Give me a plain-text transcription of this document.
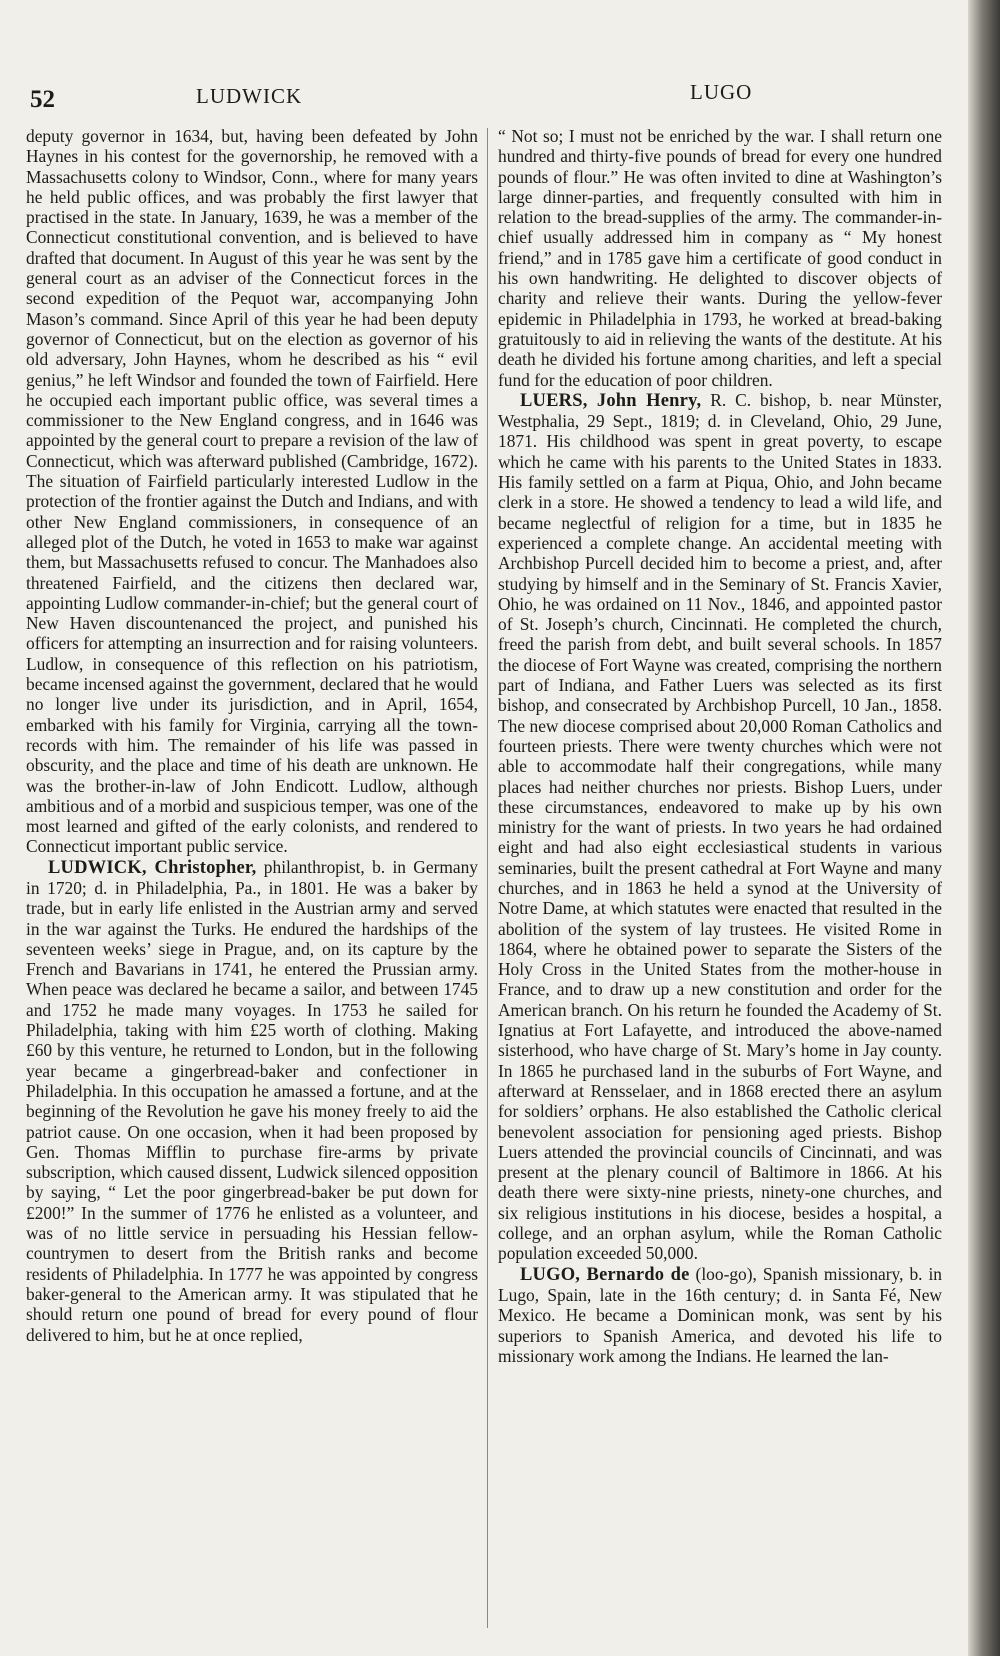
52	LUDWICK	LUGO

deputy governor in 1634, but, having been defeated by John Haynes in his contest for the governorship, he removed with a Massachusetts colony to Windsor, Conn., where for many years he held public offices, and was probably the first lawyer that practised in the state. In January, 1639, he was a member of the Connecticut constitutional convention, and is believed to have drafted that document. In August of this year he was sent by the general court as an adviser of the Connecticut forces in the second expedition of the Pequot war, accompanying John Mason’s command. Since April of this year he had been deputy governor of Connecticut, but on the election as governor of his old adversary, John Haynes, whom he described as his “ evil genius,” he left Windsor and founded the town of Fairfield. Here he occupied each important public office, was several times a commissioner to the New England congress, and in 1646 was appointed by the general court to prepare a revision of the law of Connecticut, which was afterward published (Cambridge, 1672). The situation of Fairfield particularly interested Ludlow in the protection of the frontier against the Dutch and Indians, and with other New England commissioners, in consequence of an alleged plot of the Dutch, he voted in 1653 to make war against them, but Massachusetts refused to concur. The Manhadoes also threatened Fairfield, and the citizens then declared war, appointing Ludlow commander-in-chief; but the general court of New Haven discountenanced the project, and punished his officers for attempting an insurrection and for raising volunteers. Ludlow, in consequence of this reflection on his patriotism, became incensed against the government, declared that he would no longer live under its jurisdiction, and in April, 1654, embarked with his family for Virginia, carrying all the town-records with him. The remainder of his life was passed in obscurity, and the place and time of his death are unknown. He was the brother-in-law of John Endicott. Ludlow, although ambitious and of a morbid and suspicious temper, was one of the most learned and gifted of the early colonists, and rendered to Connecticut important public service.

LUDWICK, Christopher, philanthropist, b. in Germany in 1720; d. in Philadelphia, Pa., in 1801. He was a baker by trade, but in early life enlisted in the Austrian army and served in the war against the Turks. He endured the hardships of the seventeen weeks’ siege in Prague, and, on its capture by the French and Bavarians in 1741, he entered the Prussian army. When peace was declared he became a sailor, and between 1745 and 1752 he made many voyages. In 1753 he sailed for Philadelphia, taking with him £25 worth of clothing. Making £60 by this venture, he returned to London, but in the following year became a gingerbread-baker and confectioner in Philadelphia. In this occupation he amassed a fortune, and at the beginning of the Revolution he gave his money freely to aid the patriot cause. On one occasion, when it had been proposed by Gen. Thomas Mifflin to purchase fire-arms by private subscription, which caused dissent, Ludwick silenced opposition by saying, “ Let the poor gingerbread-baker be put down for £200!” In the summer of 1776 he enlisted as a volunteer, and was of no little service in persuading his Hessian fellow-countrymen to desert from the British ranks and become residents of Philadelphia. In 1777 he was appointed by congress baker-general to the American army. It was stipulated that he should return one pound of bread for every pound of flour delivered to him, but he at once replied,

“ Not so; I must not be enriched by the war. I shall return one hundred and thirty-five pounds of bread for every one hundred pounds of flour.” He was often invited to dine at Washington’s large dinner-parties, and frequently consulted with him in relation to the bread-supplies of the army. The commander-in-chief usually addressed him in company as “ My honest friend,” and in 1785 gave him a certificate of good conduct in his own handwriting. He delighted to discover objects of charity and relieve their wants. During the yellow-fever epidemic in Philadelphia in 1793, he worked at bread-baking gratuitously to aid in relieving the wants of the destitute. At his death he divided his fortune among charities, and left a special fund for the education of poor children.

LUERS, John Henry, R. C. bishop, b. near Münster, Westphalia, 29 Sept., 1819; d. in Cleveland, Ohio, 29 June, 1871. His childhood was spent in great poverty, to escape which he came with his parents to the United States in 1833. His family settled on a farm at Piqua, Ohio, and John became clerk in a store. He showed a tendency to lead a wild life, and became neglectful of religion for a time, but in 1835 he experienced a complete change. An accidental meeting with Archbishop Purcell decided him to become a priest, and, after studying by himself and in the Seminary of St. Francis Xavier, Ohio, he was ordained on 11 Nov., 1846, and appointed pastor of St. Joseph’s church, Cincinnati. He completed the church, freed the parish from debt, and built several schools. In 1857 the diocese of Fort Wayne was created, comprising the northern part of Indiana, and Father Luers was selected as its first bishop, and consecrated by Archbishop Purcell, 10 Jan., 1858. The new diocese comprised about 20,000 Roman Catholics and fourteen priests. There were twenty churches which were not able to accommodate half their congregations, while many places had neither churches nor priests. Bishop Luers, under these circumstances, endeavored to make up by his own ministry for the want of priests. In two years he had ordained eight and had also eight ecclesiastical students in various seminaries, built the present cathedral at Fort Wayne and many churches, and in 1863 he held a synod at the University of Notre Dame, at which statutes were enacted that resulted in the abolition of the system of lay trustees. He visited Rome in 1864, where he obtained power to separate the Sisters of the Holy Cross in the United States from the mother-house in France, and to draw up a new constitution and order for the American branch. On his return he founded the Academy of St. Ignatius at Fort Lafayette, and introduced the above-named sisterhood, who have charge of St. Mary’s home in Jay county. In 1865 he purchased land in the suburbs of Fort Wayne, and afterward at Rensselaer, and in 1868 erected there an asylum for soldiers’ orphans. He also established the Catholic clerical benevolent association for pensioning aged priests. Bishop Luers attended the provincial councils of Cincinnati, and was present at the plenary council of Baltimore in 1866. At his death there were sixty-nine priests, ninety-one churches, and six religious institutions in his diocese, besides a hospital, a college, and an orphan asylum, while the Roman Catholic population exceeded 50,000.

LUGO, Bernardo de (loo-go), Spanish missionary, b. in Lugo, Spain, late in the 16th century; d. in Santa Fé, New Mexico. He became a Dominican monk, was sent by his superiors to Spanish America, and devoted his life to missionary work among the Indians. He learned the lan-
